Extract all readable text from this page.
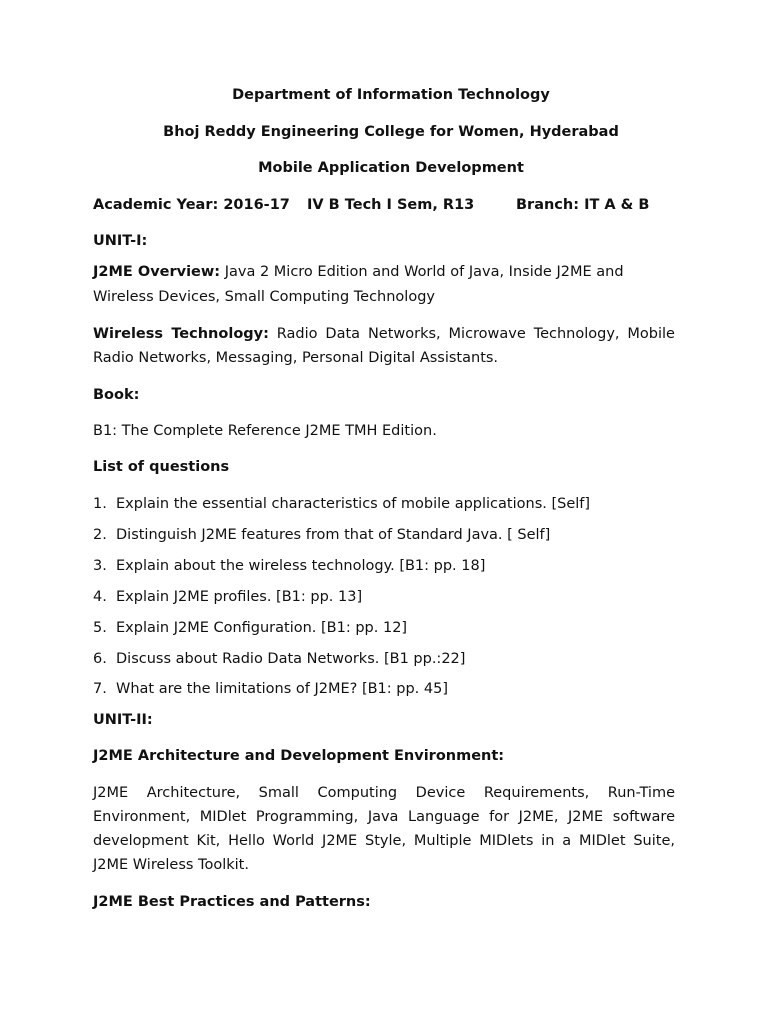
Department of Information Technology
Bhoj Reddy Engineering College for Women, Hyderabad
Mobile Application Development
Academic Year: 2016-17 IV B Tech I Sem, R13	Branch: IT A & B
UNIT-I:
J2ME Overview: Java 2 Micro Edition and World of Java, Inside J2ME and
Wireless Devices, Small Computing Technology
Wireless Technology: Radio Data Networks, Microwave Technology, Mobile Radio Networks, Messaging, Personal Digital Assistants.
Book:
B1: The Complete Reference J2ME TMH Edition.
List of questions
1. Explain the essential characteristics of mobile applications. [Self]
2. Distinguish J2ME features from that of Standard Java. [ Self]
3. Explain about the wireless technology. [B1: pp. 18]
4. Explain J2ME profiles. [B1: pp. 13]
5. Explain J2ME Configuration. [B1: pp. 12]
6. Discuss about Radio Data Networks. [B1 pp.:22]
7. What are the limitations of J2ME? [B1: pp. 45]
UNIT-II:
J2ME Architecture and Development Environment:
J2ME Architecture, Small Computing Device Requirements, Run-Time Environment, MIDlet Programming, Java Language for J2ME, J2ME software development Kit, Hello World J2ME Style, Multiple MIDlets in a MIDlet Suite, J2ME Wireless Toolkit.
J2ME Best Practices and Patterns:
